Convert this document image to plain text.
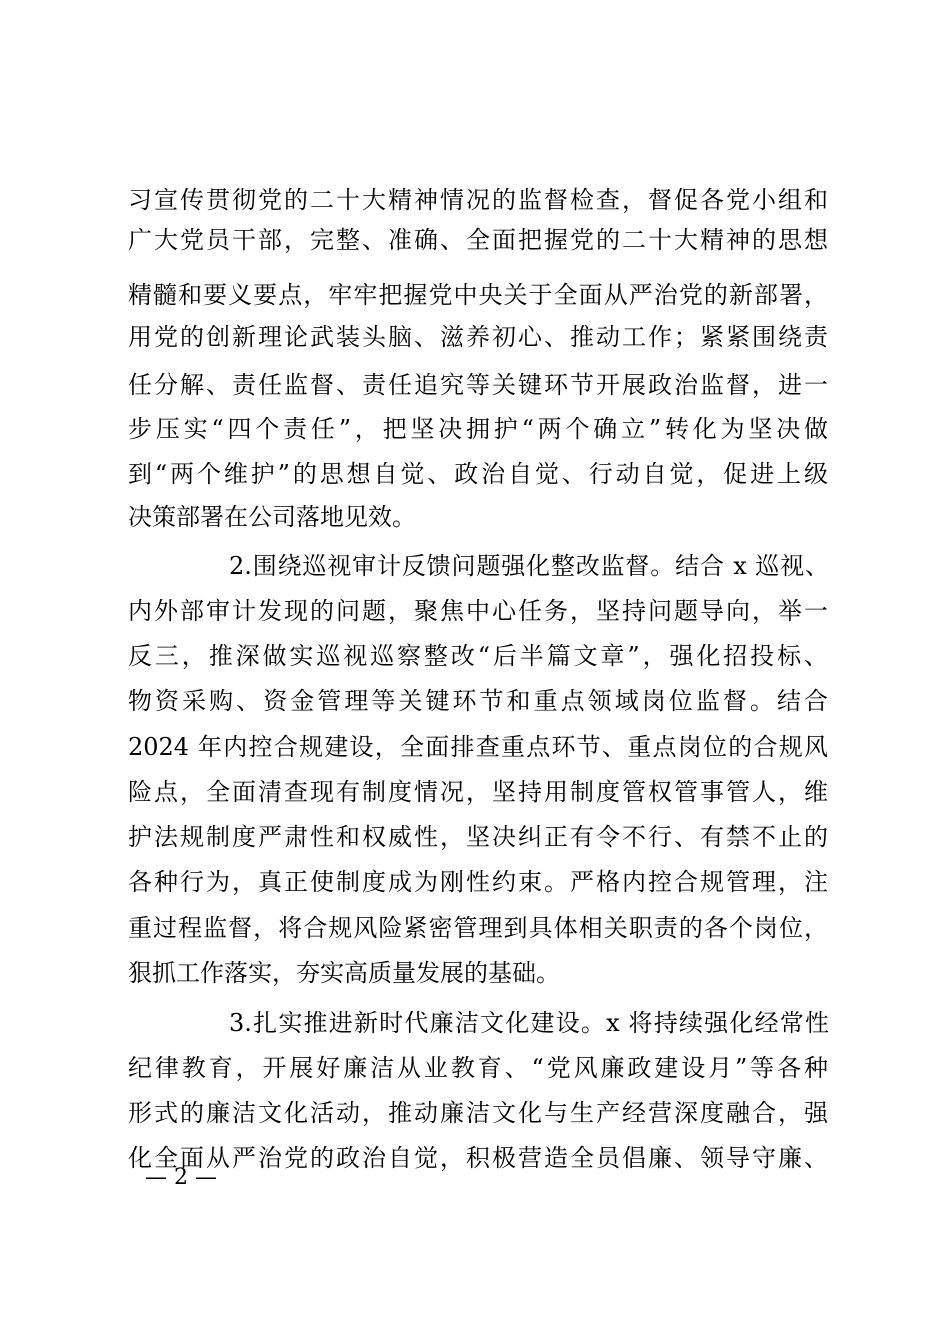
习宣传贯彻党的二十大精神情况的监督检查，督促各党小组和
广大党员干部，完整、准确、全面把握党的二十大精神的思想
精髓和要义要点，牢牢把握党中央关于全面从严治党的新部署，
用党的创新理论武装头脑、滋养初心、推动工作；紧紧围绕责
任分解、责任监督、责任追究等关键环节开展政治监督，进一
步压实“四个责任”，把坚决拥护“两个确立”转化为坚决做
到“两个维护”的思想自觉、政治自觉、行动自觉，促进上级
决策部署在公司落地见效。
2.围绕巡视审计反馈问题强化整改监督。结合 x 巡视、
内外部审计发现的问题，聚焦中心任务，坚持问题导向，举一
反三，推深做实巡视巡察整改“后半篇文章”，强化招投标、
物资采购、资金管理等关键环节和重点领域岗位监督。结合
2024 年内控合规建设，全面排查重点环节、重点岗位的合规风
险点，全面清查现有制度情况，坚持用制度管权管事管人，维
护法规制度严肃性和权威性，坚决纠正有令不行、有禁不止的
各种行为，真正使制度成为刚性约束。严格内控合规管理，注
重过程监督，将合规风险紧密管理到具体相关职责的各个岗位，
狠抓工作落实，夯实高质量发展的基础。
3.扎实推进新时代廉洁文化建设。x 将持续强化经常性
纪律教育，开展好廉洁从业教育、“党风廉政建设月”等各种
形式的廉洁文化活动，推动廉洁文化与生产经营深度融合，强
化全面从严治党的政治自觉，积极营造全员倡廉、领导守廉、
— 2 —
